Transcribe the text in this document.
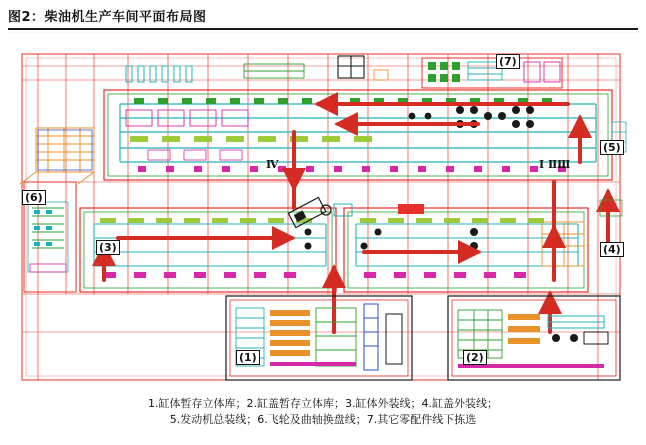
图2：柴油机生产车间平面布局图
(1)	(2)
(3)	(4)
(5)
(6)
(7)
Ⅰ Ⅱ Ⅲ
Ⅳ
1.缸体暂存立体库；2.缸盖暂存立体库；3.缸体外装线；4.缸盖外装线；
5.发动机总装线；6.飞轮及曲轴换盘线；7.其它零配件线下拣选
